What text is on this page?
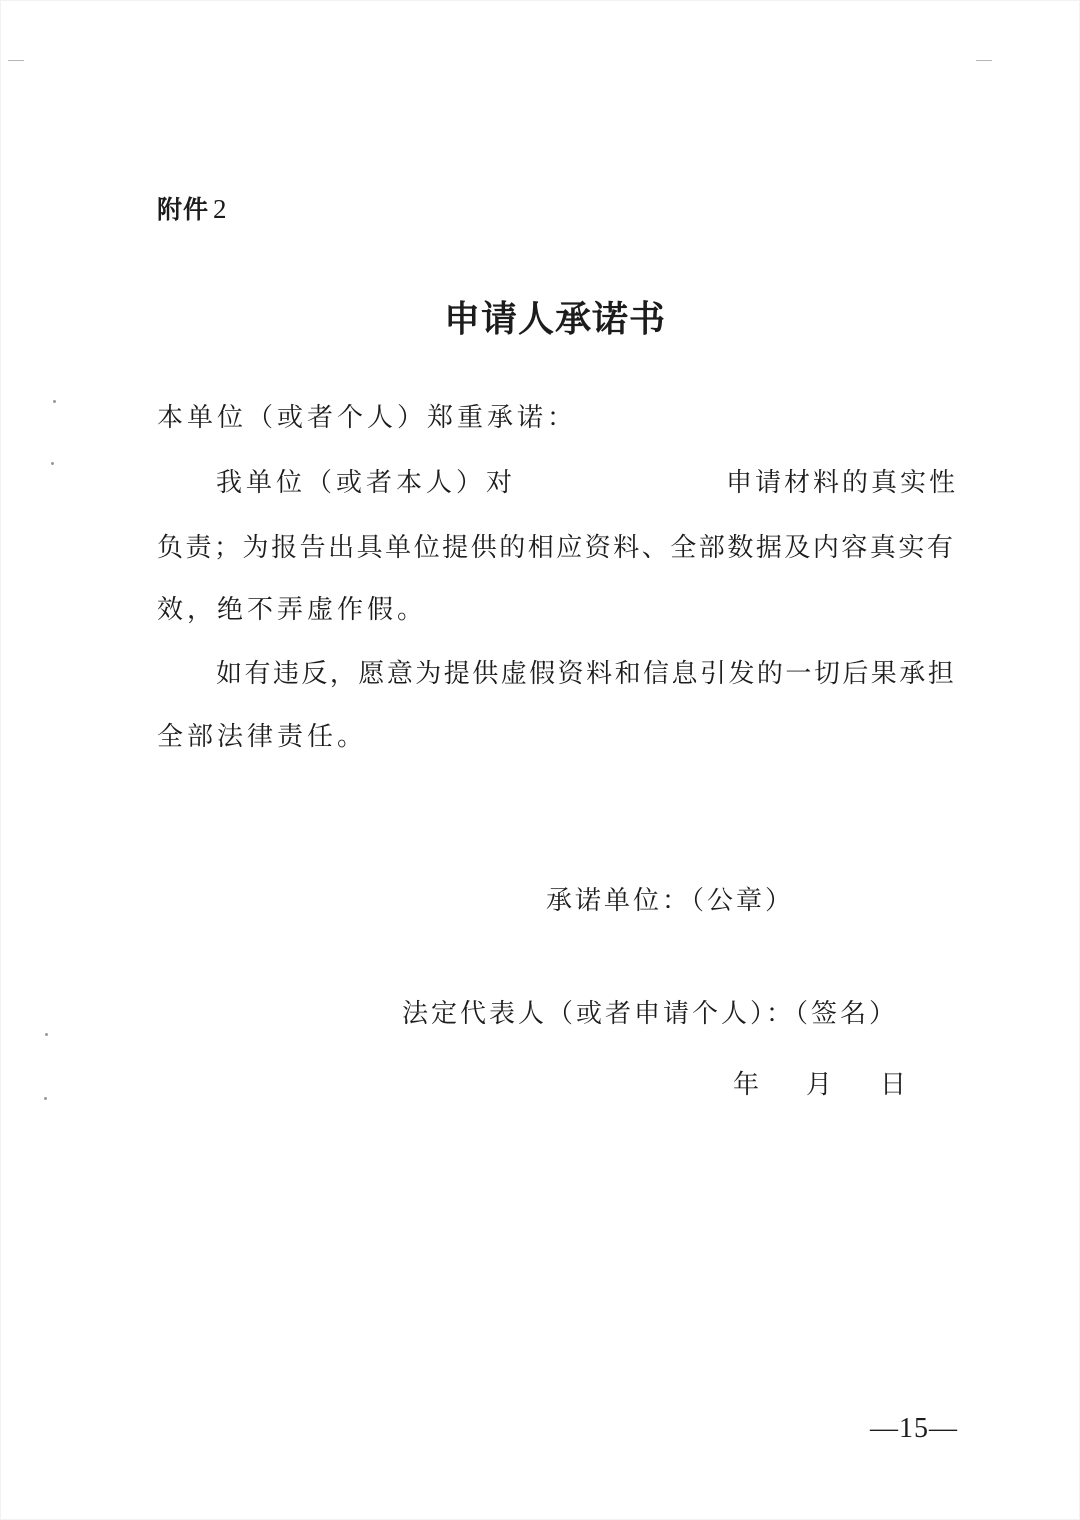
附件 2
申请人承诺书
本单位（或者个人）郑重承诺：
我单位（或者本人）对	申请材料的真实性
负 责 ； 为 报 告 出 具 单 位 提 供 的 相 应 资 料 、 全 部 数 据 及 内 容 真 实 有
效，绝不弄虚作假。
如 有 违 反 ， 愿 意 为 提 供 虚 假 资 料 和 信 息 引 发 的 一 切 后 果 承 担
全部法律责任。
承诺单位：（公章）
法定代表人（或者申请个人）：（签名）
年 月 日
—15—
